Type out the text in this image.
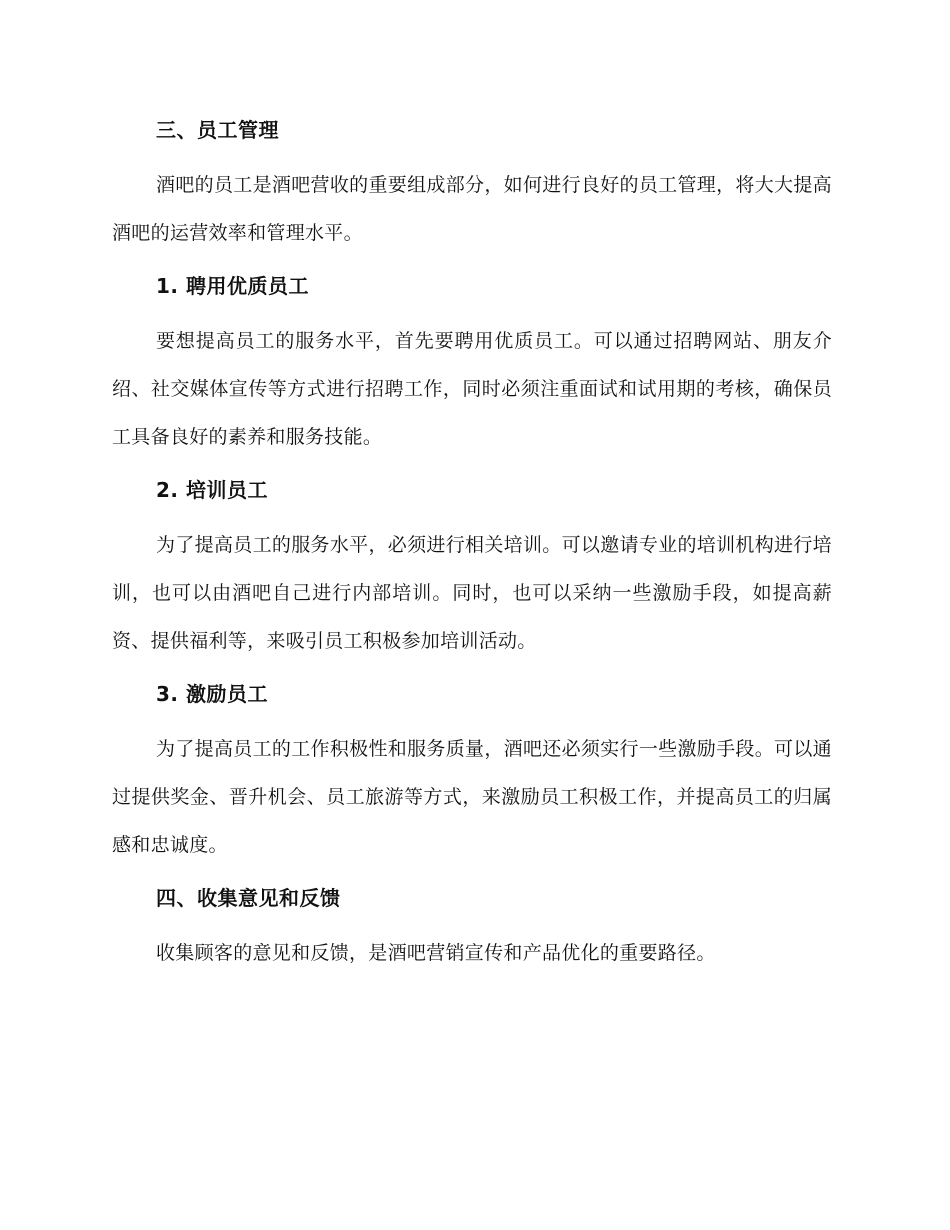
三、员工管理

酒吧的员工是酒吧营收的重要组成部分，如何进行良好的员工管理，将大大提高酒吧的运营效率和管理水平。

1. 聘用优质员工

要想提高员工的服务水平，首先要聘用优质员工。可以通过招聘网站、朋友介绍、社交媒体宣传等方式进行招聘工作，同时必须注重面试和试用期的考核，确保员工具备良好的素养和服务技能。

2. 培训员工

为了提高员工的服务水平，必须进行相关培训。可以邀请专业的培训机构进行培训，也可以由酒吧自己进行内部培训。同时，也可以采纳一些激励手段，如提高薪资、提供福利等，来吸引员工积极参加培训活动。

3. 激励员工

为了提高员工的工作积极性和服务质量，酒吧还必须实行一些激励手段。可以通过提供奖金、晋升机会、员工旅游等方式，来激励员工积极工作，并提高员工的归属感和忠诚度。

四、收集意见和反馈

收集顾客的意见和反馈，是酒吧营销宣传和产品优化的重要路径。
